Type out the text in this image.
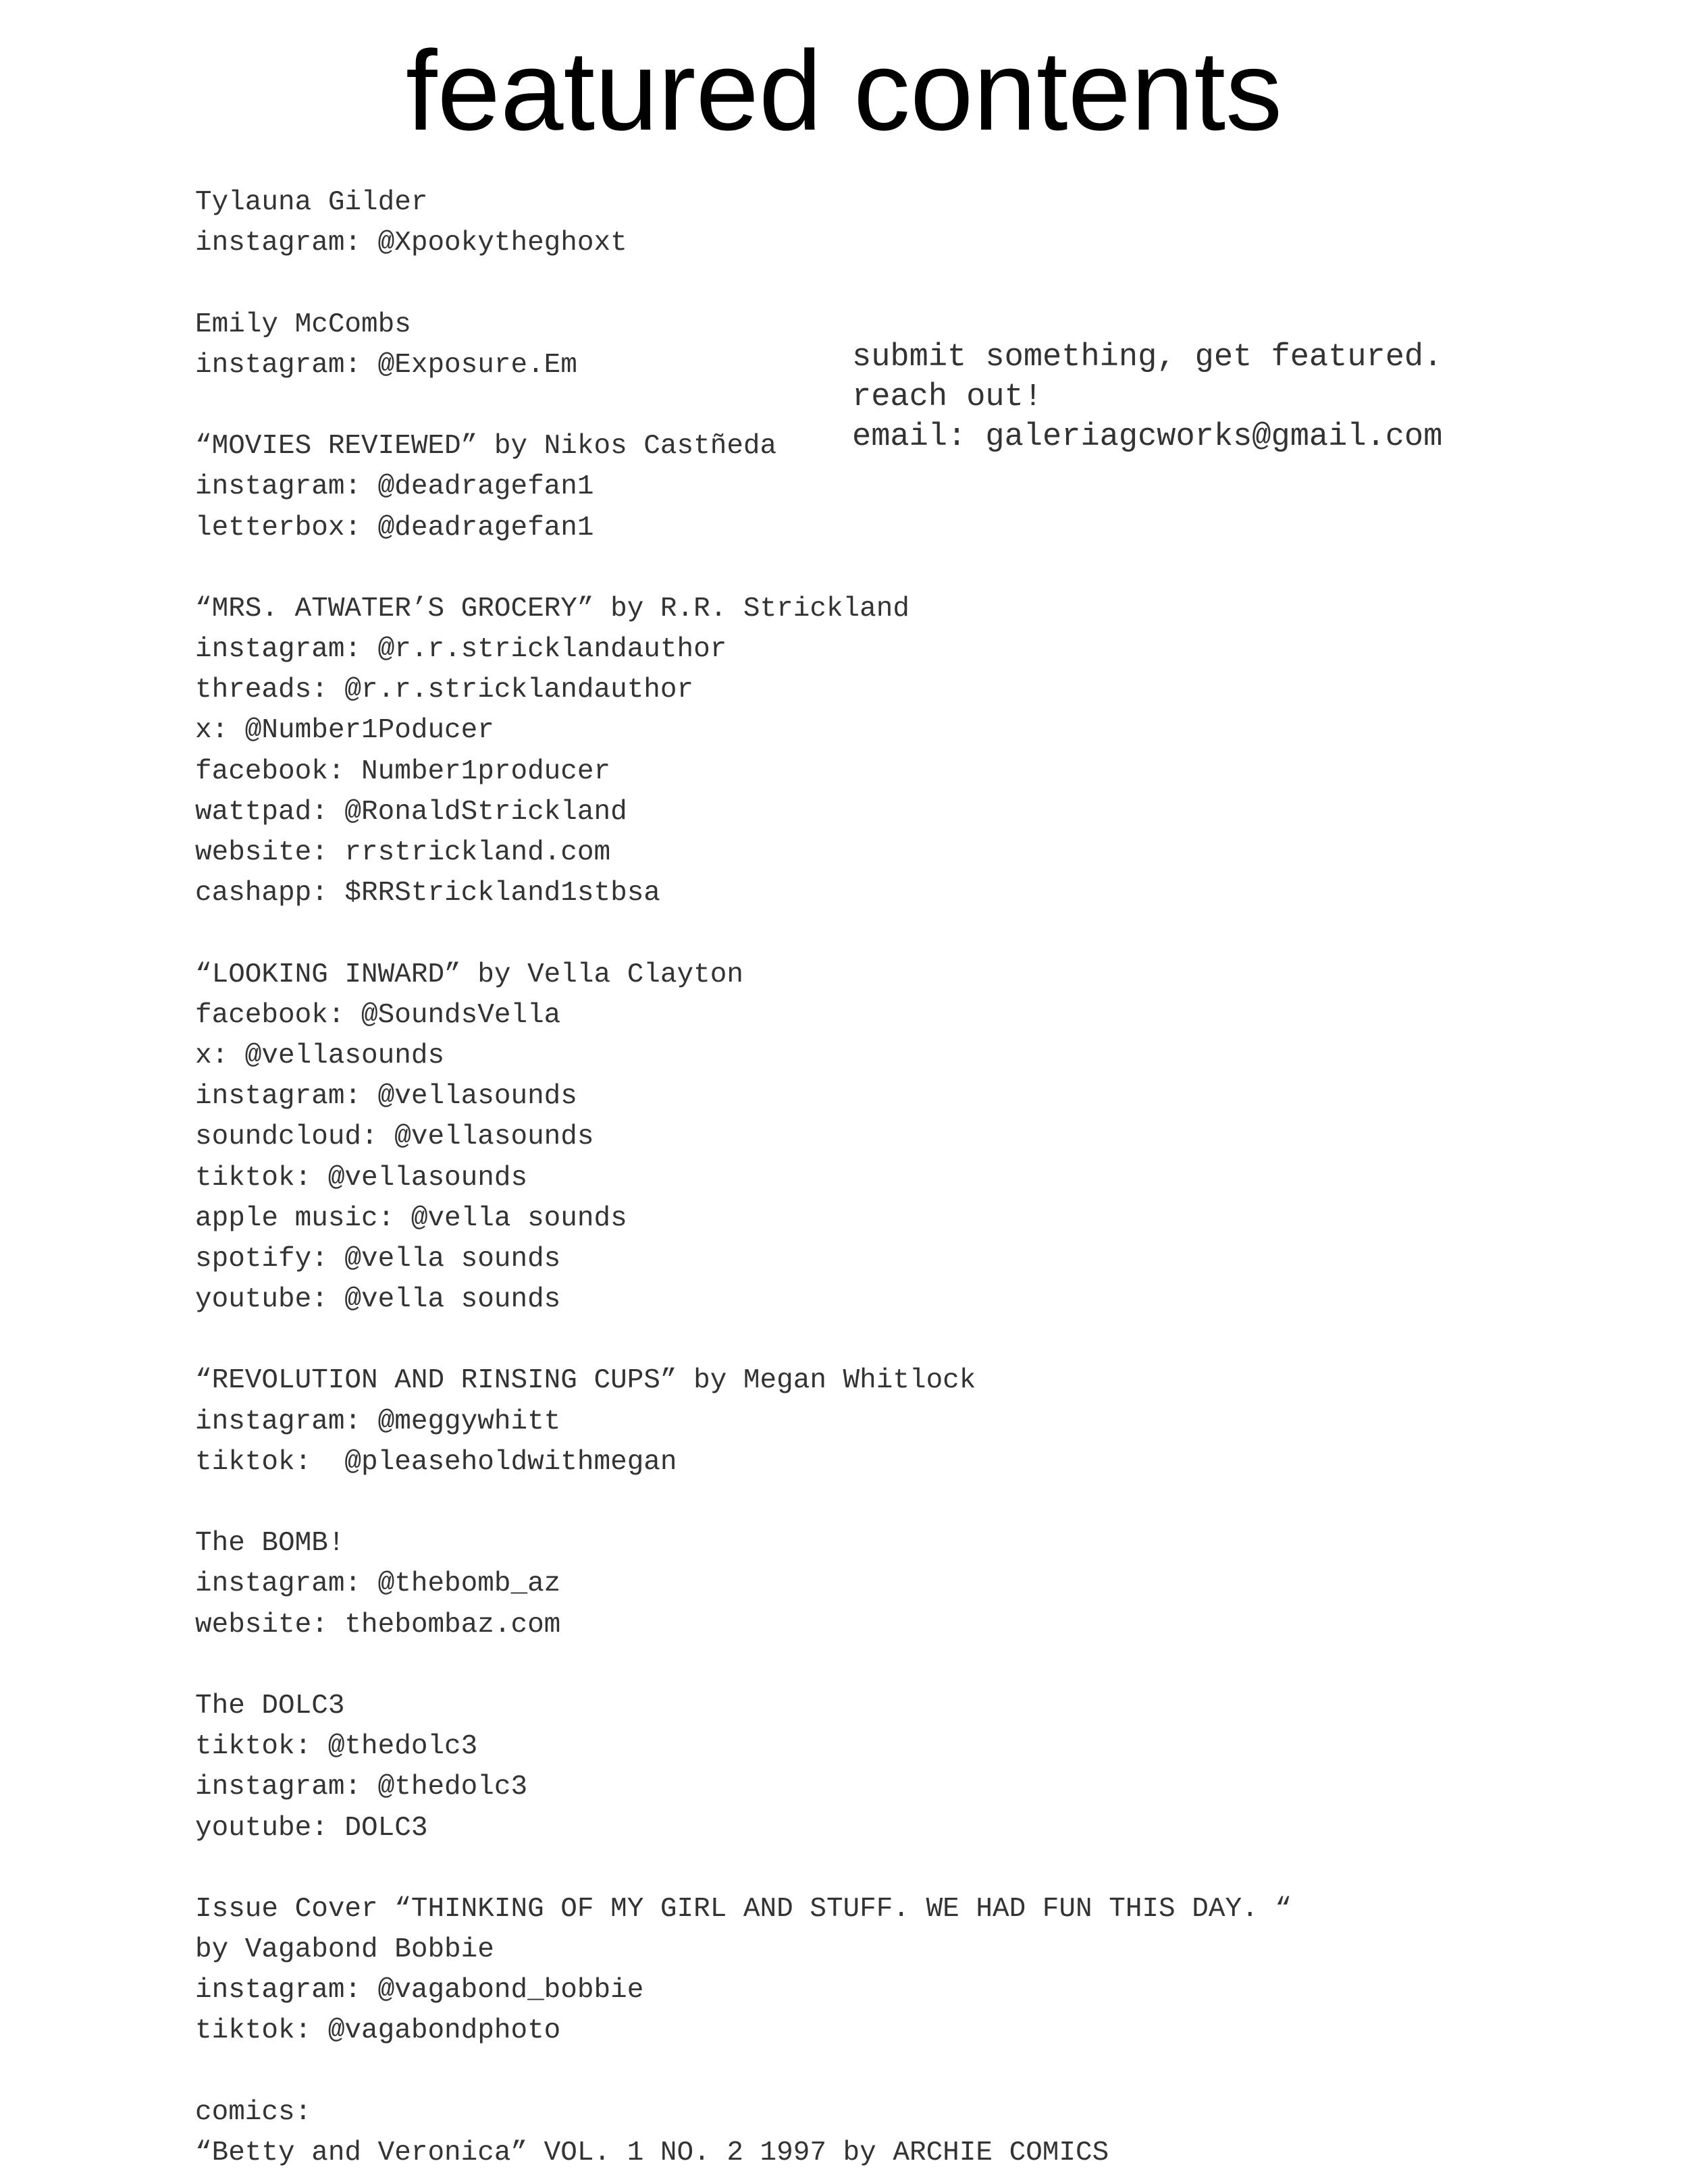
featured contents
submit something, get featured.
reach out!
email: galeriagcworks@gmail.com
Tylauna Gilder
instagram: @Xpookytheghoxt
Emily McCombs
instagram: @Exposure.Em
“MOVIES REVIEWED” by Nikos Castñeda
instagram: @deadragefan1
letterbox: @deadragefan1
“MRS. ATWATER’S GROCERY” by R.R. Strickland
instagram: @r.r.stricklandauthor
threads: @r.r.stricklandauthor
x: @Number1Poducer
facebook: Number1producer
wattpad: @RonaldStrickland
website: rrstrickland.com
cashapp: $RRStrickland1stbsa
“LOOKING INWARD” by Vella Clayton
facebook: @SoundsVella
x: @vellasounds
instagram: @vellasounds
soundcloud: @vellasounds
tiktok: @vellasounds
apple music: @vella sounds
spotify: @vella sounds
youtube: @vella sounds
“REVOLUTION AND RINSING CUPS” by Megan Whitlock
instagram: @meggywhitt
tiktok:  @pleaseholdwithmegan
The BOMB!
instagram: @thebomb_az
website: thebombaz.com
The DOLC3
tiktok: @thedolc3
instagram: @thedolc3
youtube: DOLC3
Issue Cover “THINKING OF MY GIRL AND STUFF. WE HAD FUN THIS DAY. “
by Vagabond Bobbie
instagram: @vagabond_bobbie
tiktok: @vagabondphoto
comics:
“Betty and Veronica” VOL. 1 NO. 2 1997 by ARCHIE COMICS
